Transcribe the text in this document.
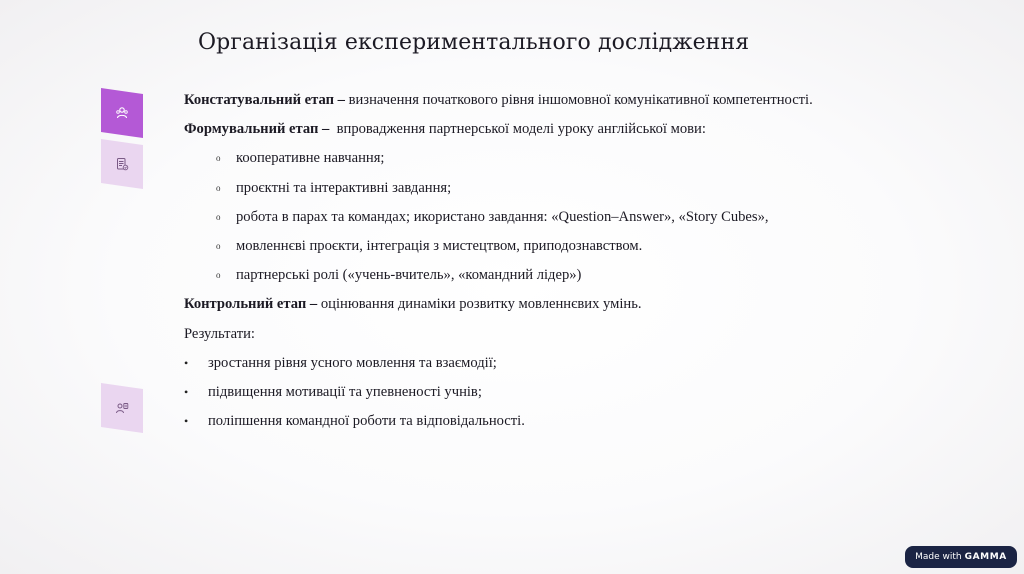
Організація експериментального дослідження
Констатувальний етап – визначення початкового рівня іншомовної комунікативної компетентності.
Формувальний етап –  впровадження партнерської моделі уроку англійської мови:
o кооперативне навчання;
o проєктні та інтерактивні завдання;
o робота в парах та командах; икористано завдання: «Question–Answer», «Story Cubes»,
o мовленнєві проєкти, інтеграція з мистецтвом, приподознавством.
o партнерські ролі («учень-вчитель», «командний лідер»)
Контрольний етап – оцінювання динаміки розвитку мовленнєвих умінь.
Результати:
• зростання рівня усного мовлення та взаємодії;
• підвищення мотивації та упевненості учнів;
• поліпшення командної роботи та відповідальності.
Made with GAMMA
